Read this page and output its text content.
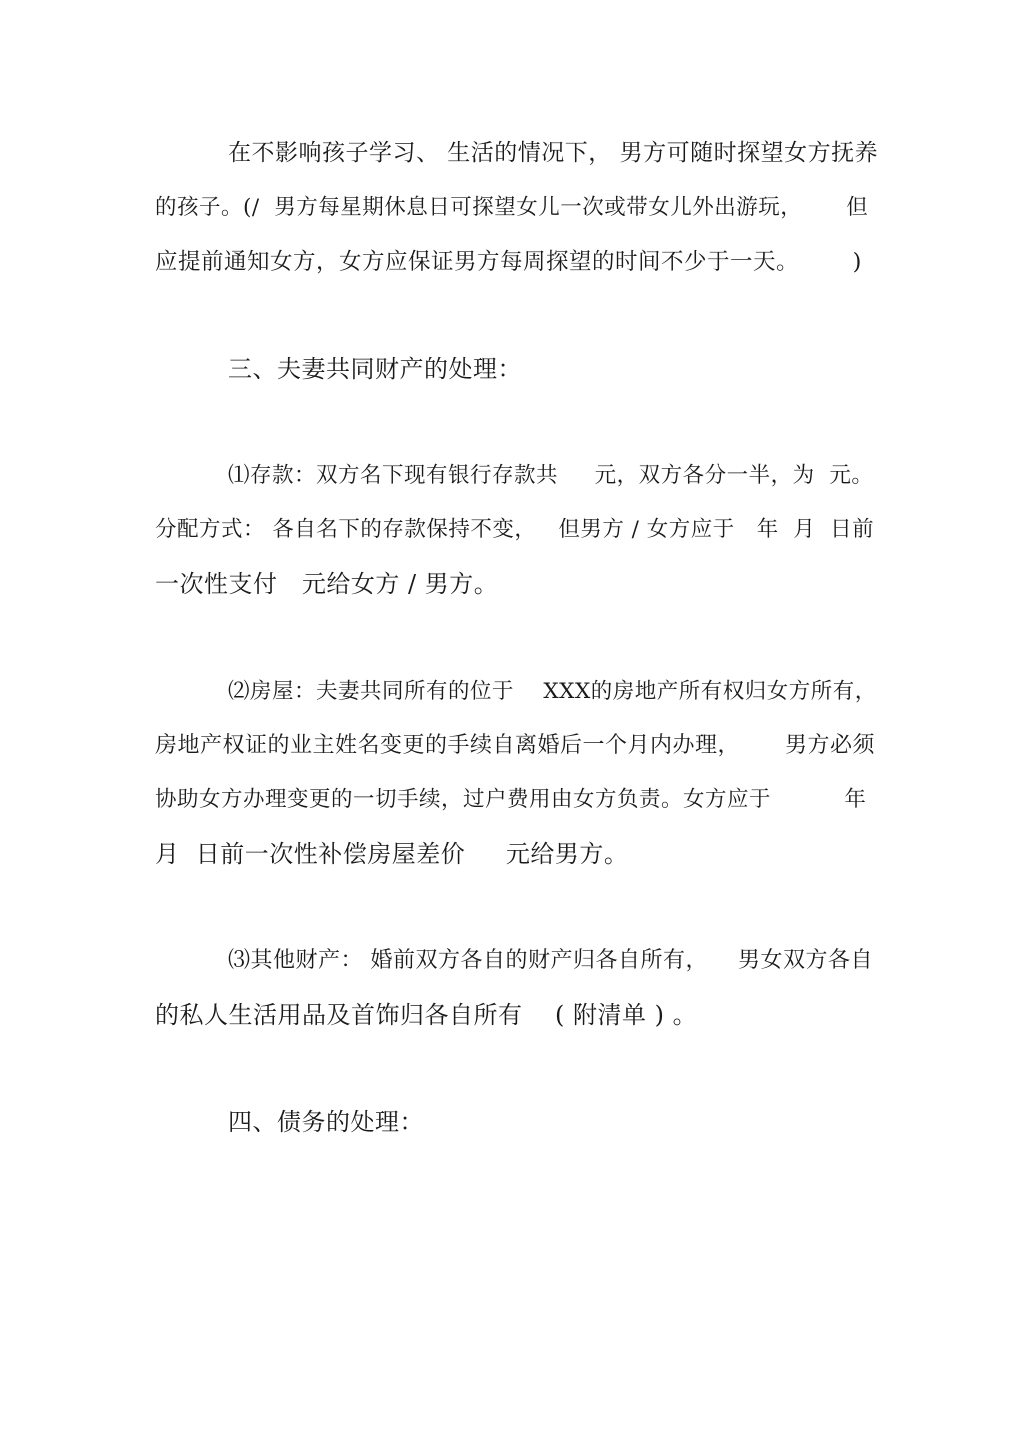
在不影响孩子学习、 生活的情况下， 男方可随时探望女方抚养
的孩子。(/  男方每星期休息日可探望女儿一次或带女儿外出游玩，      但
应提前通知女方，女方应保证男方每周探望的时间不少于一天。       )
三、夫妻共同财产的处理：
⑴存款：双方名下现有银行存款共     元，双方各分一半，为  元。
分配方式： 各自名下的存款保持不变，   但男方 / 女方应于   年  月  日前
一次性支付   元给女方 / 男方。
⑵房屋：夫妻共同所有的位于    XXX的房地产所有权归女方所有，
房地产权证的业主姓名变更的手续自离婚后一个月内办理，      男方必须
协助女方办理变更的一切手续，过户费用由女方负责。女方应于          年
月  日前一次性补偿房屋差价     元给男方。
⑶其他财产： 婚前双方各自的财产归各自所有，    男女双方各自
的私人生活用品及首饰归各自所有    ( 附清单 ) 。
四、债务的处理：
